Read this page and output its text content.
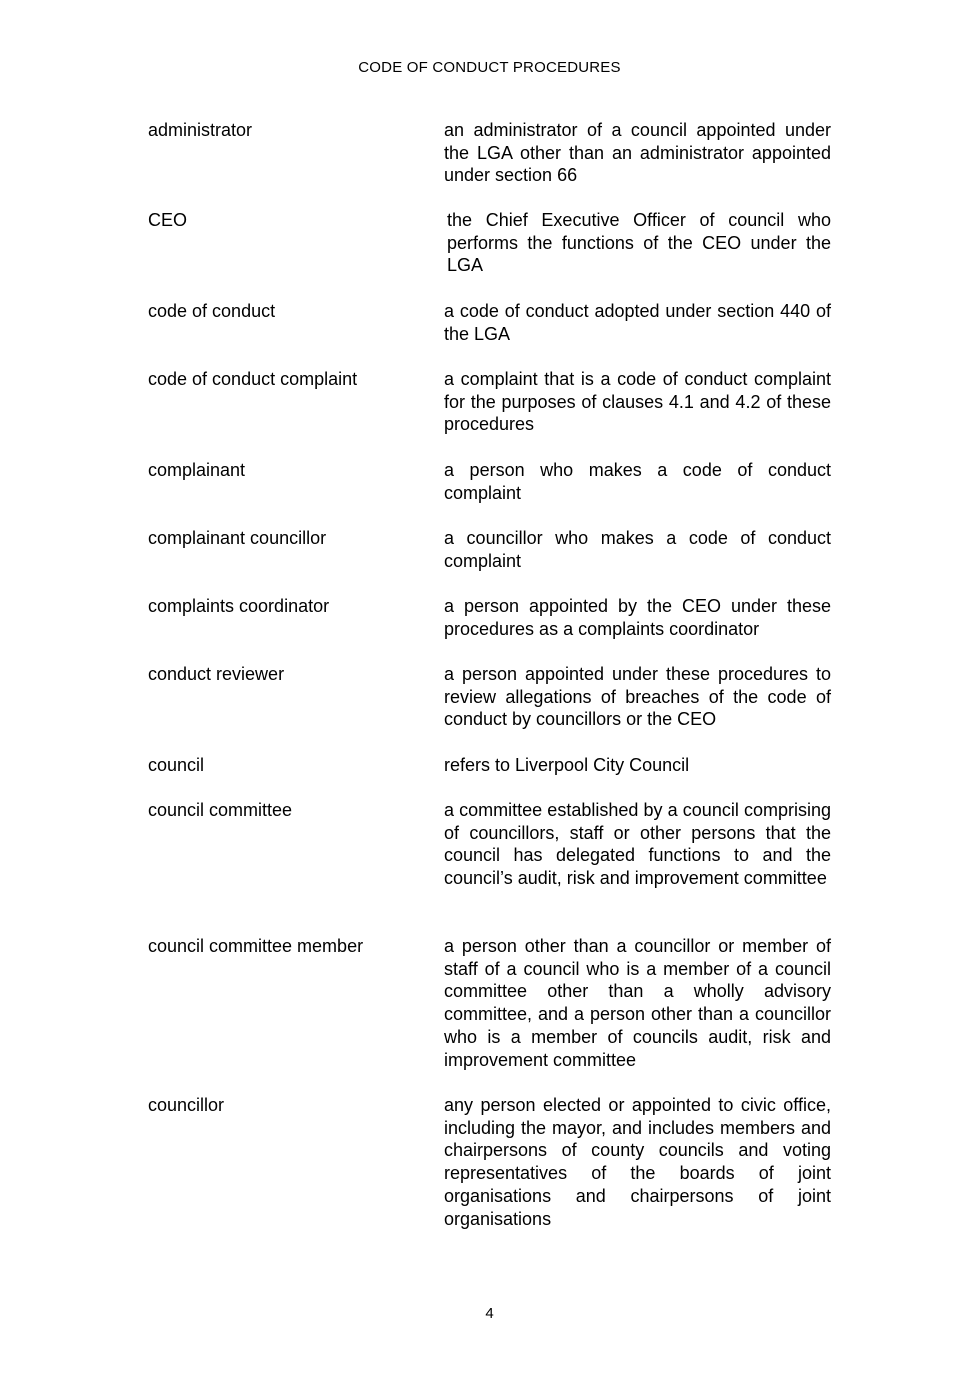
CODE OF CONDUCT PROCEDURES

administrator	an administrator of a council appointed under the LGA other than an administrator appointed under section 66

CEO	the Chief Executive Officer of council who performs the functions of the CEO under the LGA

code of conduct	a code of conduct adopted under section 440 of the LGA

code of conduct complaint	a complaint that is a code of conduct complaint for the purposes of clauses 4.1 and 4.2 of these procedures

complainant	a person who makes a code of conduct complaint

complainant councillor	a councillor who makes a code of conduct complaint

complaints coordinator	a person appointed by the CEO under these procedures as a complaints coordinator

conduct reviewer	a person appointed under these procedures to review allegations of breaches of the code of conduct by councillors or the CEO

council	refers to Liverpool City Council

council committee	a committee established by a council comprising of councillors, staff or other persons that the council has delegated functions to and the council’s audit, risk and improvement committee

council committee member	a person other than a councillor or member of staff of a council who is a member of a council committee other than a wholly advisory committee, and a person other than a councillor who is a member of councils audit, risk and improvement committee

councillor	any person elected or appointed to civic office, including the mayor, and includes members and chairpersons of county councils and voting representatives of the boards of joint organisations and chairpersons of joint organisations

4
